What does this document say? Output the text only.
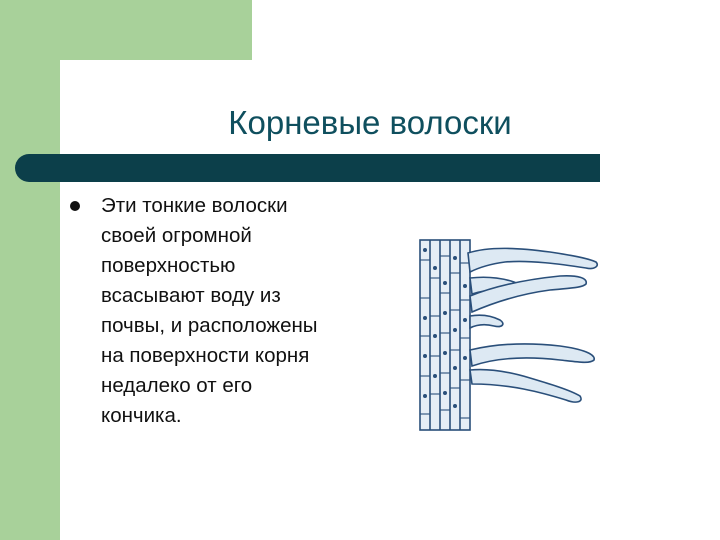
Корневые волоски
Эти тонкие волоски
своей огромной
поверхностью
всасывают воду из
почвы, и расположены
на поверхности корня
недалеко от его
кончика.
